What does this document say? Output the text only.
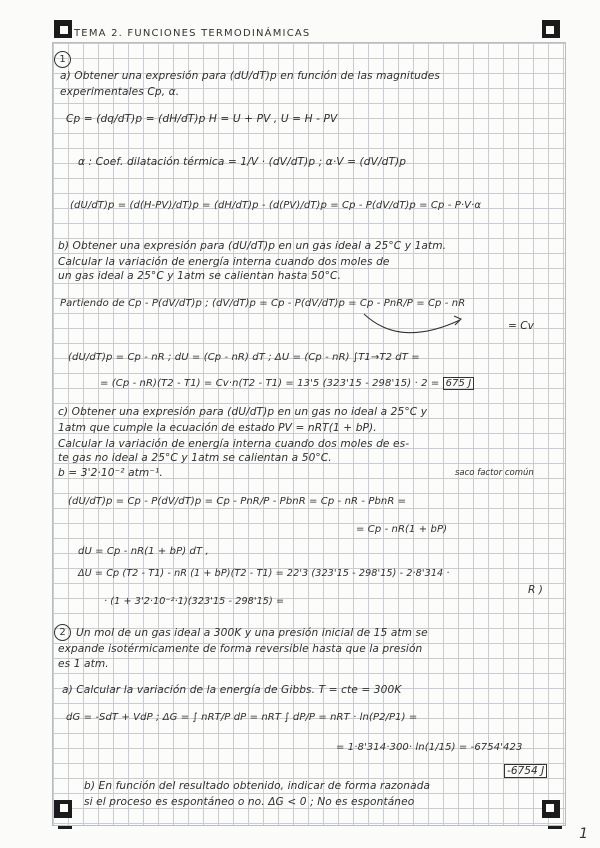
TEMA 2. FUNCIONES TERMODINÁMICAS
1
a) Obtener una expresión para (dU/dT)p en función de las magnitudes
experimentales Cp, α.
Cp = (dq/dT)p = (dH/dT)p H = U + PV , U = H - PV
α : Coef. dilatación térmica = 1/V · (dV/dT)p ; α·V = (dV/dT)p
(dU/dT)p = (d(H-PV)/dT)p = (dH/dT)p - (d(PV)/dT)p = Cp - P(dV/dT)p = Cp - P·V·α
b) Obtener una expresión para (dU/dT)p en un gas ideal a 25°C y 1atm.
Calcular la variación de energía interna cuando dos moles de
un gas ideal a 25°C y 1atm se calientan hasta 50°C.
Partiendo de Cp - P(dV/dT)p ; (dV/dT)p = Cp - P(dV/dT)p = Cp - PnR/P = Cp - nR
= Cv
(dU/dT)p = Cp - nR ; dU = (Cp - nR) dT ; ΔU = (Cp - nR) ∫T1→T2 dT =
= (Cp - nR)(T2 - T1) = Cv·n(T2 - T1) = 13'5 (323'15 - 298'15) · 2 = 675 J
c) Obtener una expresión para (dU/dT)p en un gas no ideal a 25°C y
1atm que cumple la ecuación de estado PV = nRT(1 + bP).
Calcular la variación de energía interna cuando dos moles de es-
te gas no ideal a 25°C y 1atm se calientan a 50°C.
b = 3'2·10⁻² atm⁻¹.	saco factor común
(dU/dT)p = Cp - P(dV/dT)p = Cp - PnR/P - PbnR = Cp - nR - PbnR =
= Cp - nR(1 + bP)
dU = Cp - nR(1 + bP) dT ,
ΔU = Cp (T2 - T1) - nR (1 + bP)(T2 - T1) = 22'3 (323'15 - 298'15) - 2·8'314 ·
R )
· (1 + 3'2·10⁻²·1)(323'15 - 298'15) =
2 Un mol de un gas ideal a 300K y una presión inicial de 15 atm se
expande isotérmicamente de forma reversible hasta que la presión
es 1 atm.
a) Calcular la variación de la energía de Gibbs. T = cte = 300K
dG = -SdT + VdP ; ΔG = ∫ nRT/P dP = nRT ∫ dP/P = nRT · ln(P2/P1) =
= 1·8'314·300· ln(1/15) = -6754'423
-6754 J
b) En función del resultado obtenido, indicar de forma razonada
si el proceso es espontáneo o no. ΔG < 0 ; No es espontáneo
1
